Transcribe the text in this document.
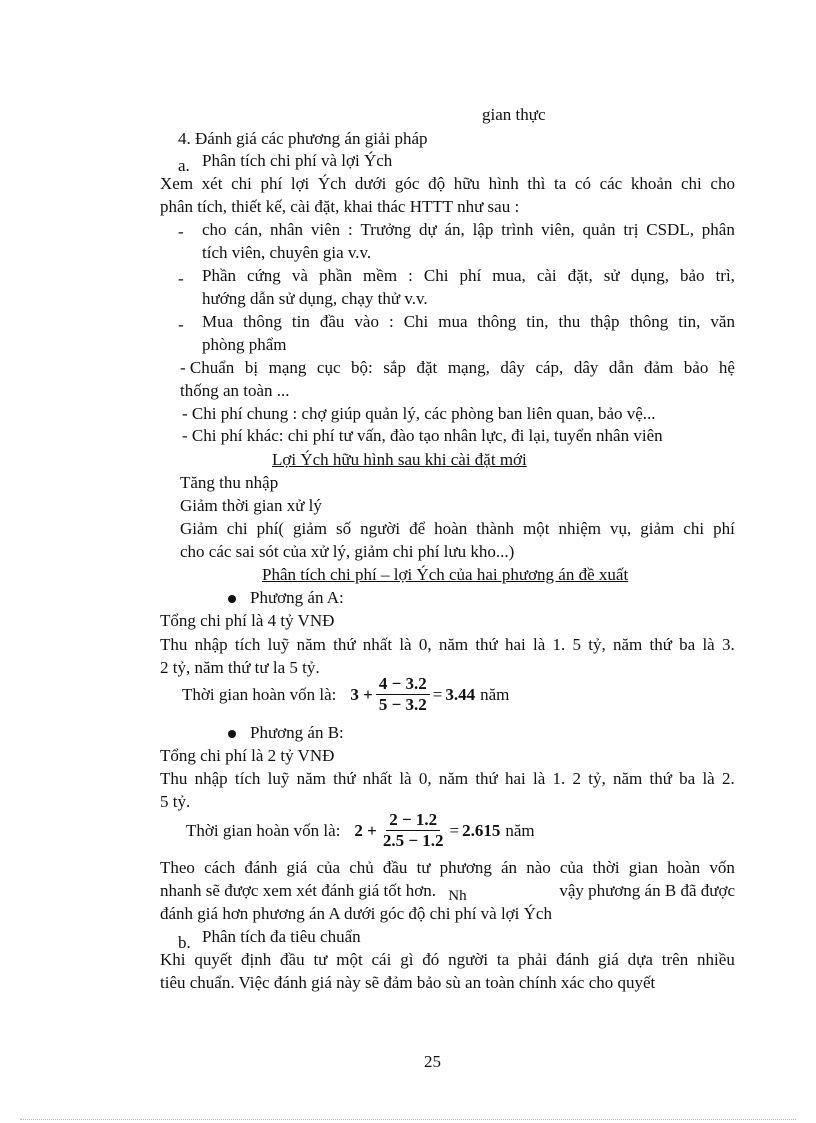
gian thực
4. Đánh giá các phương án giải pháp
a. Phân tích chi phí và lợi Ých
Xem xét chi phí lợi Ých dưới góc độ hữu hình thì ta có các khoản chi cho
phân tích, thiết kế, cài đặt, khai thác HTTT như sau :
- cho cán, nhân viên : Trưởng dự án, lập trình viên, quản trị CSDL, phân
tích viên, chuyên gia v.v.
- Phần cứng và phần mềm : Chi phí mua, cài đặt, sử dụng, bảo trì,
hướng dẫn sử dụng, chạy thử v.v.
- Mua thông tin đầu vào : Chi mua thông tin, thu thập thông tin, văn
phòng phẩm
- Chuẩn bị mạng cục bộ: sắp đặt mạng, dây cáp, dây dẫn đảm bảo hệ
thống an toàn ...
- Chi phí chung : chợ giúp quản lý, các phòng ban liên quan, bảo vệ...
- Chi phí khác: chi phí tư vấn, đào tạo nhân lực, đi lại, tuyển nhân viên
Lợi Ých hữu hình sau khi cài đặt mới
Tăng thu nhập
Giảm thời gian xử lý
Giảm chi phí( giảm số người để hoàn thành một nhiệm vụ, giảm chi phí
cho các sai sót của xử lý, giảm chi phí lưu kho...)
Phân tích chi phí – lợi Ých của hai phương án đề xuất
Phương án A:
Tổng chi phí là 4 tỷ VNĐ
Thu nhập tích luỹ năm thứ nhất là 0, năm thứ hai là 1. 5 tỷ, năm thứ ba là 3.
2 tỷ, năm thứ tư la 5 tỷ.
Thời gian hoàn vốn là: $3 + \frac{4 - 3.2}{5 - 3.2} = 3.44$ năm
Phương án B:
Tổng chi phí là 2 tỷ VNĐ
Thu nhập tích luỹ năm thứ nhất là 0, năm thứ hai là 1. 2 tỷ, năm thứ ba là 2.
5 tỷ.
Thời gian hoàn vốn là: $2 + \frac{2 - 1.2}{2.5 - 1.2} = 2.615$ năm
Theo cách đánh giá của chủ đầu tư phương án nào của thời gian hoàn vốn
nhanh sẽ được xem xét đánh giá tốt hơn. Nh	vậy phương án B đã được
đánh giá hơn phương án A dưới góc độ chi phí và lợi Ých
b. Phân tích đa tiêu chuẩn
Khi quyết định đầu tư một cái gì đó người ta phải đánh giá dựa trên nhiều
tiêu chuẩn. Việc đánh giá này sẽ đảm bảo sù an toàn chính xác cho quyết
25
